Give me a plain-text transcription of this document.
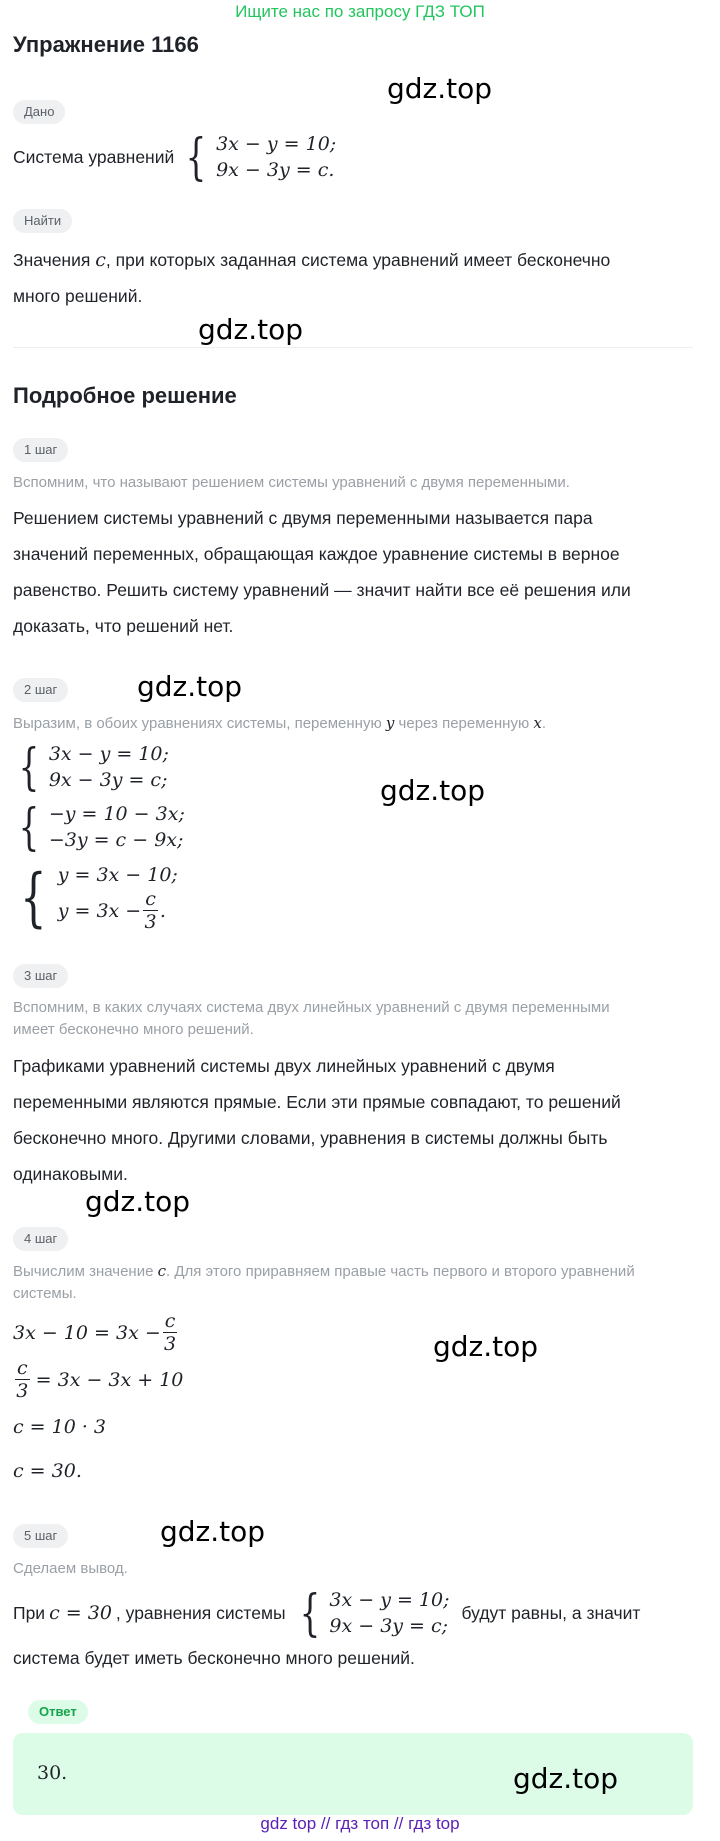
Ищите нас по запросу ГДЗ ТОП
Упражнение 1166
gdz.top
Дано
Система уравнений { 3x − y = 10;
9x − 3y = c.
Найти
Значения c, при которых заданная система уравнений имеет бесконечно
много решений.
gdz.top
Подробное решение
1 шаг
Вспомним, что называют решением системы уравнений с двумя переменными.
Решением системы уравнений с двумя переменными называется пара
значений переменных, обращающая каждое уравнение системы в верное
равенство. Решить систему уравнений — значит найти все её решения или
доказать, что решений нет.
2 шаг	gdz.top
Выразим, в обоих уравнениях системы, переменную y через переменную x.
{ 3x − y = 10;
9x − 3y = c;
{ −y = 10 − 3x;
−3y = c − 9x;
gdz.top
{ y = 3x − 10;
$y = 3x - \frac{c}{3}$ .
3 шаг
Вспомним, в каких случаях система двух линейных уравнений с двумя переменными
имеет бесконечно много решений.
Графиками уравнений системы двух линейных уравнений с двумя
переменными являются прямые. Если эти прямые совпадают, то решений
бесконечно много. Другими словами, уравнения в системы должны быть
одинаковыми.
gdz.top
4 шаг
Вычислим значение c. Для этого приравняем правые часть первого и второго уравнений
системы.
$3x - 10 = 3x - \frac{c}{3}$
$\frac{c}{3} = 3x - 3x + 10$
gdz.top
c = 10 · 3
c = 30.
5 шаг	gdz.top
Сделаем вывод.
При c = 30 , уравнения системы { 3x − y = 10;
9x − 3y = c;
будут равны, а значит
система будет иметь бесконечно много решений.
Ответ
30.	gdz.top
gdz top // гдз топ // гдз top
